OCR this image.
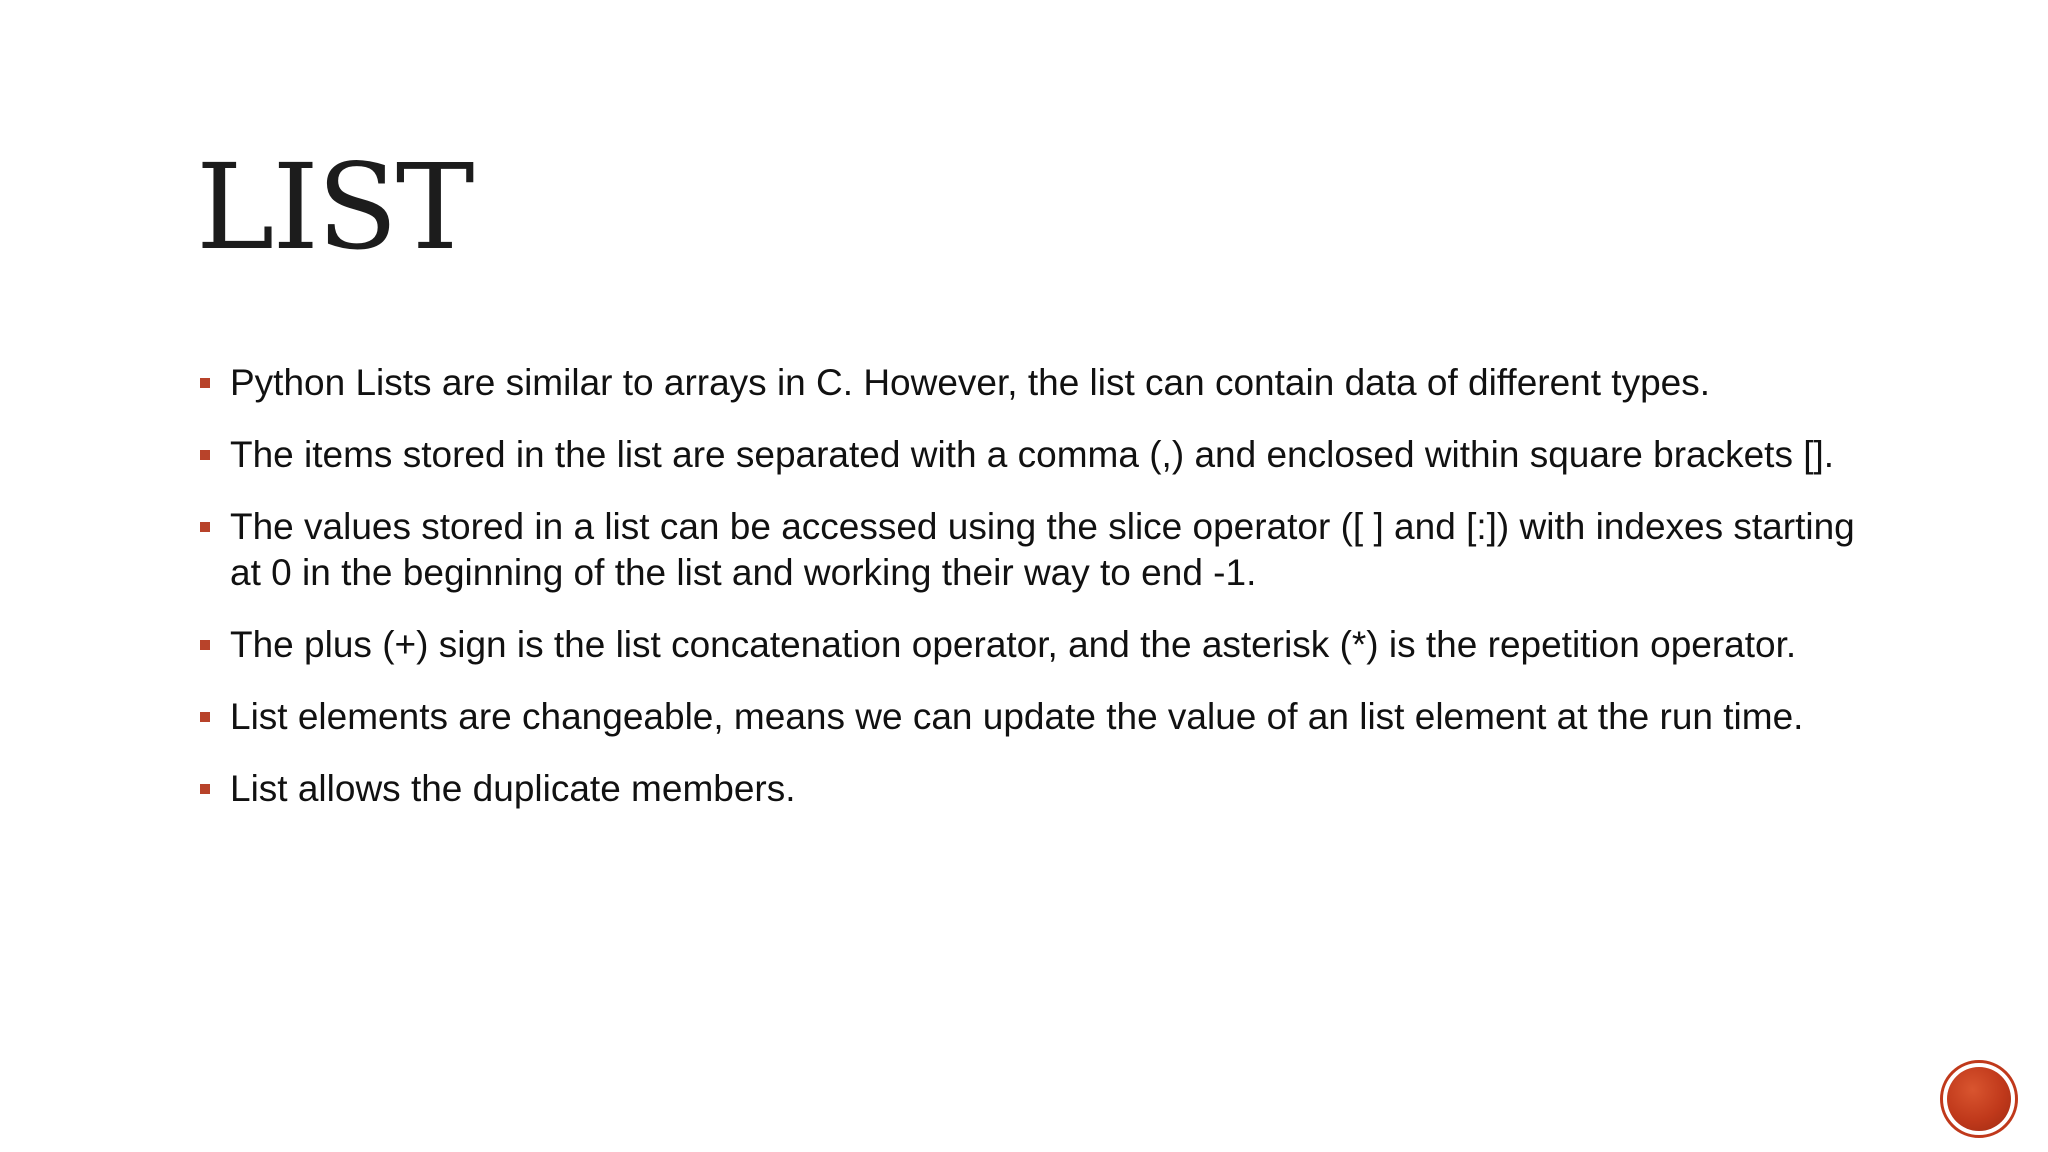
LIST
Python Lists are similar to arrays in C. However, the list can contain data of different types.
The items stored in the list are separated with a comma (,) and enclosed within square brackets [].
The values stored in a list can be accessed using the slice operator ([ ] and [:]) with indexes starting at 0 in the beginning of the list and working their way to end -1.
The plus (+) sign is the list concatenation operator, and the asterisk (*) is the repetition operator.
List elements are changeable, means we can update the value of an list element at the run time.
List allows the duplicate members.
